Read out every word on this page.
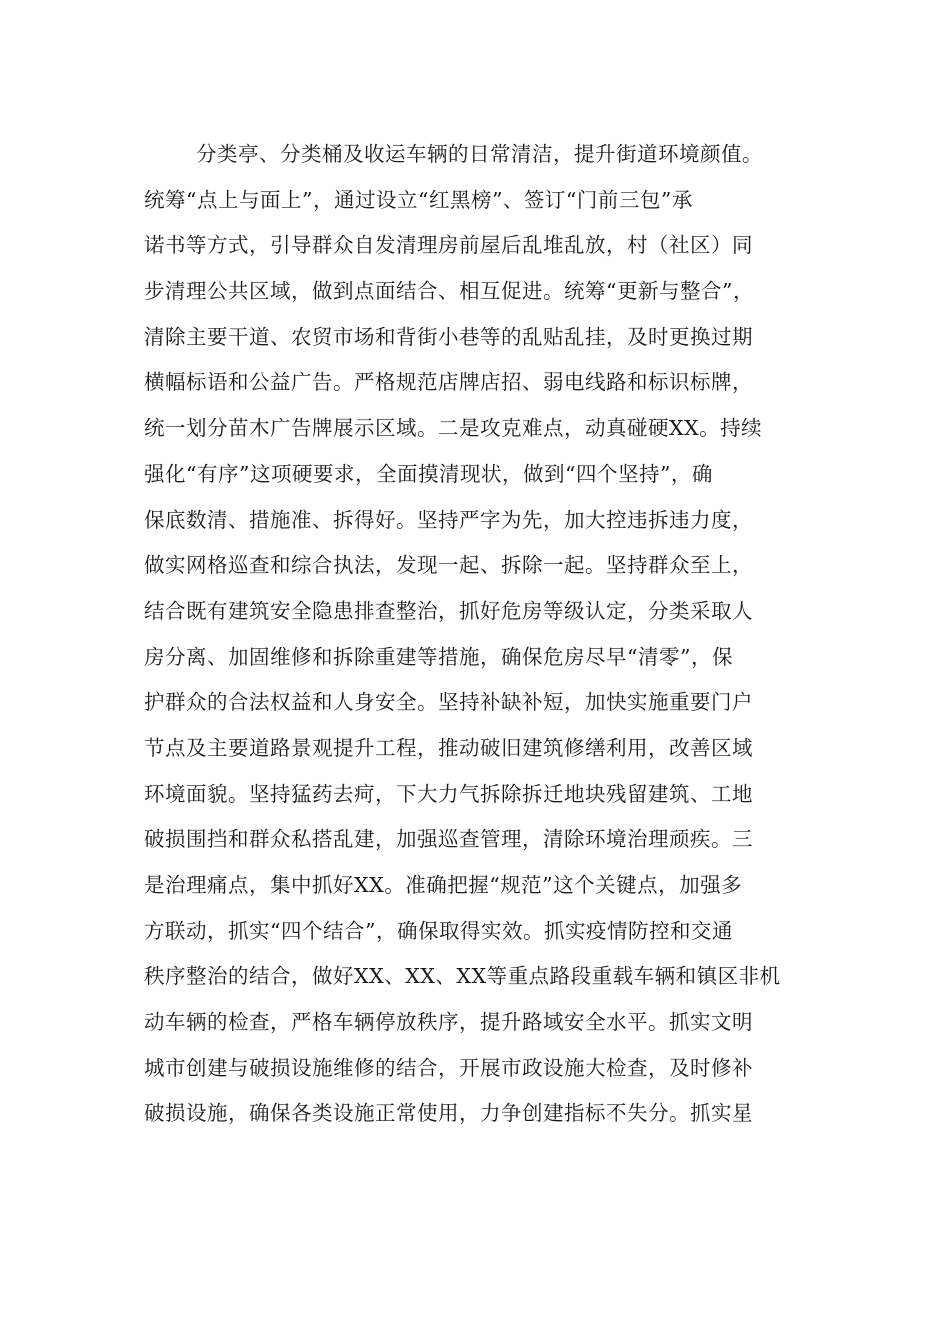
分类亭、分类桶及收运车辆的日常清洁，提升街道环境颜值。
统筹“点上与面上”，通过设立“红黑榜”、签订“门前三包”承
诺书等方式，引导群众自发清理房前屋后乱堆乱放，村（社区）同
步清理公共区域，做到点面结合、相互促进。统筹“更新与整合”，
清除主要干道、农贸市场和背街小巷等的乱贴乱挂，及时更换过期
横幅标语和公益广告。严格规范店牌店招、弱电线路和标识标牌，
统一划分苗木广告牌展示区域。二是攻克难点，动真碰硬XX。持续
强化“有序”这项硬要求，全面摸清现状，做到“四个坚持”，确
保底数清、措施准、拆得好。坚持严字为先，加大控违拆违力度，
做实网格巡查和综合执法，发现一起、拆除一起。坚持群众至上，
结合既有建筑安全隐患排查整治，抓好危房等级认定，分类采取人
房分离、加固维修和拆除重建等措施，确保危房尽早“清零”，保
护群众的合法权益和人身安全。坚持补缺补短，加快实施重要门户
节点及主要道路景观提升工程，推动破旧建筑修缮利用，改善区域
环境面貌。坚持猛药去疴，下大力气拆除拆迁地块残留建筑、工地
破损围挡和群众私搭乱建，加强巡查管理，清除环境治理顽疾。三
是治理痛点，集中抓好XX。准确把握“规范”这个关键点，加强多
方联动，抓实“四个结合”，确保取得实效。抓实疫情防控和交通
秩序整治的结合，做好XX、XX、XX等重点路段重载车辆和镇区非机
动车辆的检查，严格车辆停放秩序，提升路域安全水平。抓实文明
城市创建与破损设施维修的结合，开展市政设施大检查，及时修补
破损设施，确保各类设施正常使用，力争创建指标不失分。抓实星
